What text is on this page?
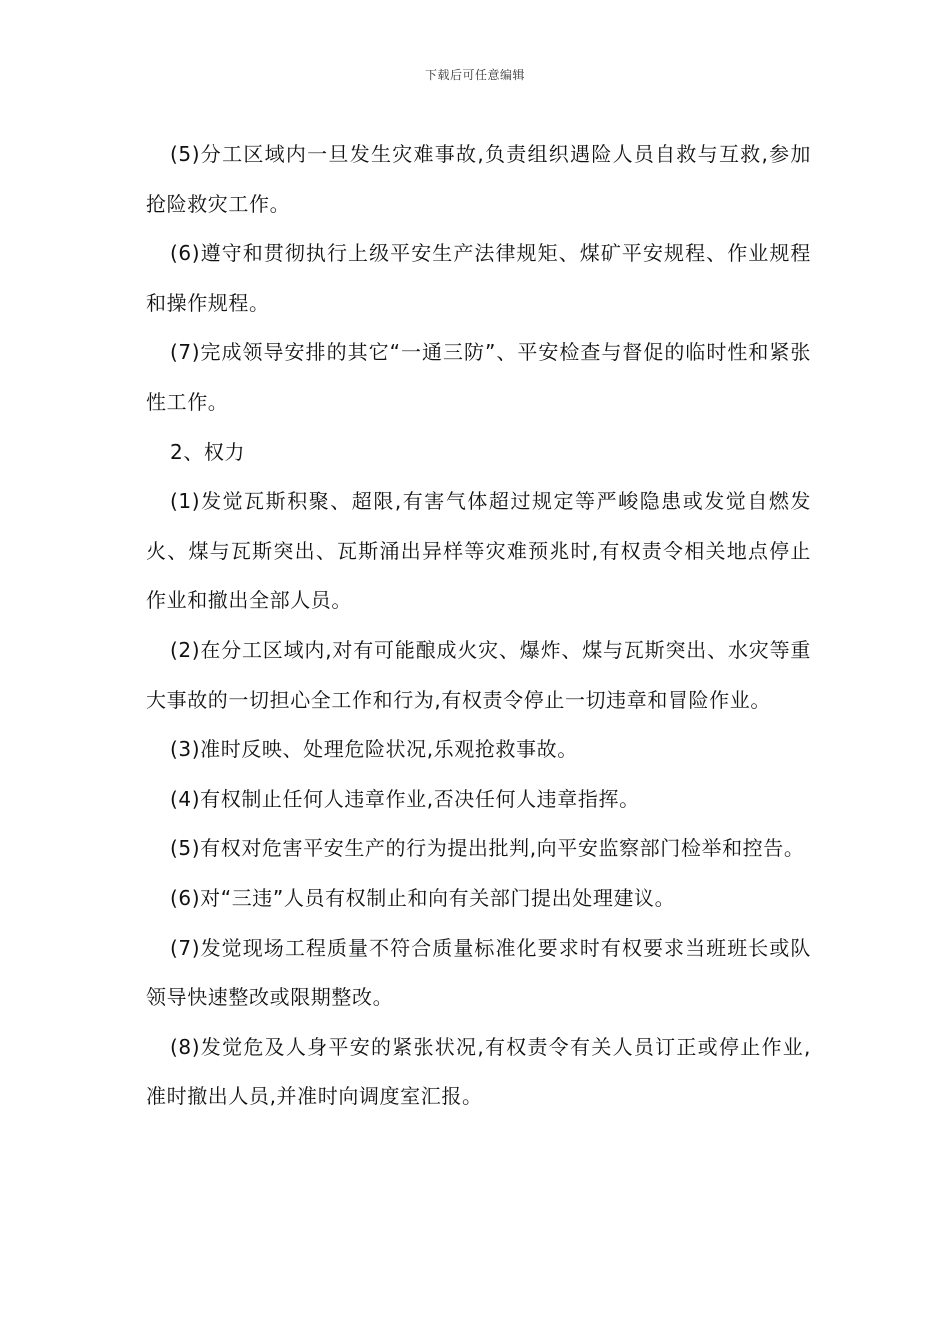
下载后可任意编辑

(5)分工区域内一旦发生灾难事故,负责组织遇险人员自救与互救,参加抢险救灾工作。

(6)遵守和贯彻执行上级平安生产法律规矩、煤矿平安规程、作业规程和操作规程。

(7)完成领导安排的其它“一通三防”、平安检查与督促的临时性和紧张性工作。

2、权力

(1)发觉瓦斯积聚、超限,有害气体超过规定等严峻隐患或发觉自燃发火、煤与瓦斯突出、瓦斯涌出异样等灾难预兆时,有权责令相关地点停止作业和撤出全部人员。

(2)在分工区域内,对有可能酿成火灾、爆炸、煤与瓦斯突出、水灾等重大事故的一切担心全工作和行为,有权责令停止一切违章和冒险作业。

(3)准时反映、处理危险状况,乐观抢救事故。

(4)有权制止任何人违章作业,否决任何人违章指挥。

(5)有权对危害平安生产的行为提出批判,向平安监察部门检举和控告。

(6)对“三违”人员有权制止和向有关部门提出处理建议。

(7)发觉现场工程质量不符合质量标准化要求时有权要求当班班长或队领导快速整改或限期整改。

(8)发觉危及人身平安的紧张状况,有权责令有关人员订正或停止作业,准时撤出人员,并准时向调度室汇报。
